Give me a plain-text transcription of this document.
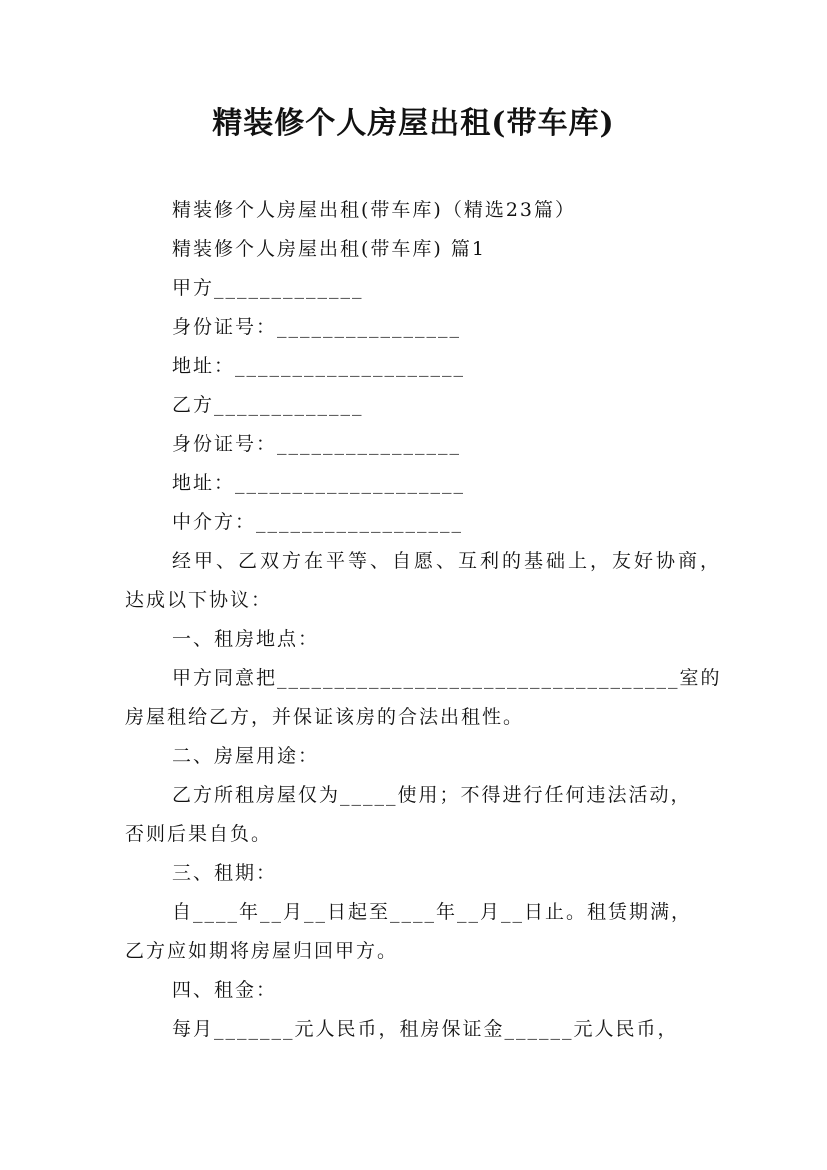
精装修个人房屋出租(带车库)
精装修个人房屋出租(带车库)（精选23篇）
精装修个人房屋出租(带车库) 篇1
甲方_____________
身份证号：________________
地址：____________________
乙方_____________
身份证号：________________
地址：____________________
中介方：__________________
经甲、乙双方在平等、自愿、互利的基础上，友好协商，
达成以下协议：
一、租房地点：
甲方同意把___________________________________室的
房屋租给乙方，并保证该房的合法出租性。
二、房屋用途：
乙方所租房屋仅为_____使用；不得进行任何违法活动，
否则后果自负。
三、租期：
自____年__月__日起至____年__月__日止。租赁期满，
乙方应如期将房屋归回甲方。
四、租金：
每月_______元人民币，租房保证金______元人民币，
